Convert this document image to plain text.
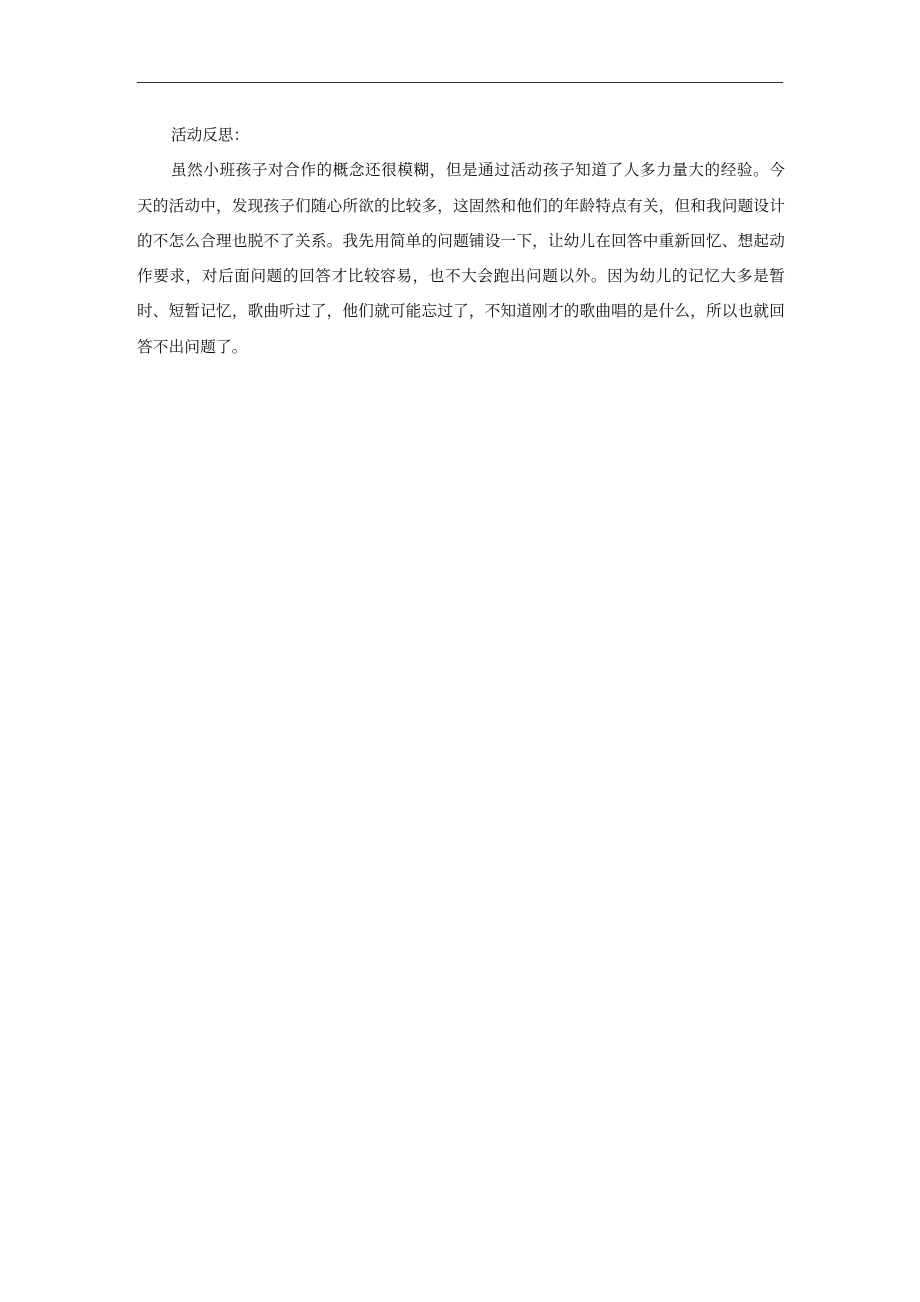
活动反思：

虽然小班孩子对合作的概念还很模糊，但是通过活动孩子知道了人多力量大的经验。今天的活动中，发现孩子们随心所欲的比较多，这固然和他们的年龄特点有关，但和我问题设计的不怎么合理也脱不了关系。我先用简单的问题铺设一下，让幼儿在回答中重新回忆、想起动作要求，对后面问题的回答才比较容易，也不大会跑出问题以外。因为幼儿的记忆大多是暂时、短暂记忆，歌曲听过了，他们就可能忘过了，不知道刚才的歌曲唱的是什么，所以也就回答不出问题了。
